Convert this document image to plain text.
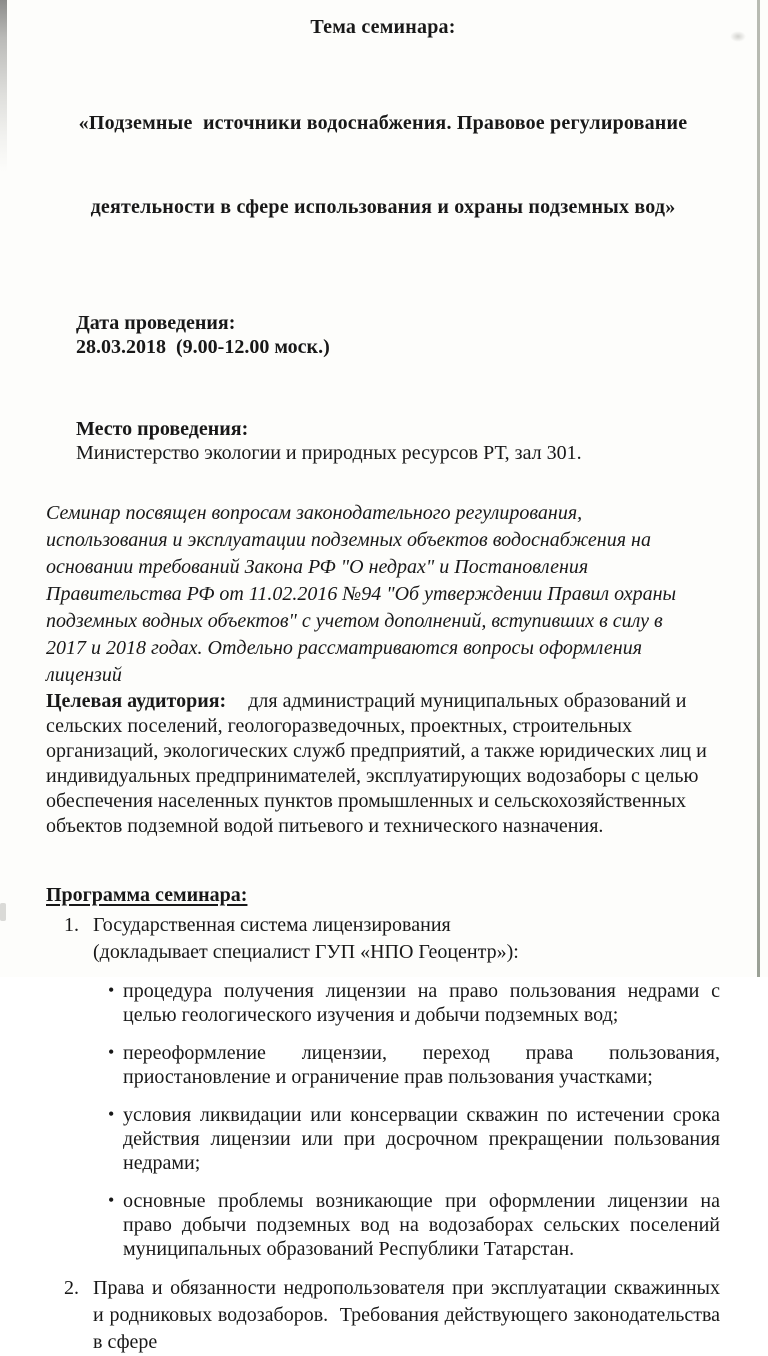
Тема семинара:

«Подземные  источники водоснабжения. Правовое регулирование

деятельности в сфере использования и охраны подземных вод»

Дата проведения:
28.03.2018  (9.00-12.00 моск.)

Место проведения:
Министерство экологии и природных ресурсов РТ, зал 301.

Семинар посвящен вопросам законодательного регулирования, использования и эксплуатации подземных объектов водоснабжения на основании требований Закона РФ "О недрах" и Постановления Правительства РФ от 11.02.2016 №94 "Об утверждении Правил охраны подземных водных объектов" с учетом дополнений, вступивших в силу в 2017 и 2018 годах. Отдельно рассматриваются вопросы оформления лицензий
Целевая аудитория: для администраций муниципальных образований и сельских поселений, геологоразведочных, проектных, строительных организаций, экологических служб предприятий, а также юридических лиц и индивидуальных предпринимателей, эксплуатирующих водозаборы с целью обеспечения населенных пунктов промышленных и сельскохозяйственных объектов подземной водой питьевого и технического назначения.
Программа семинара:
1. Государственная система лицензирования
(докладывает специалист ГУП «НПО Геоцентр»):
• процедура получения лицензии на право пользования недрами с целью геологического изучения и добычи подземных вод;
• переоформление лицензии, переход права пользования, приостановление и ограничение прав пользования участками;
• условия ликвидации или консервации скважин по истечении срока действия лицензии или при досрочном прекращении пользования недрами;
• основные проблемы возникающие при оформлении лицензии на право добычи подземных вод на водозаборах сельских поселений муниципальных образований Республики Татарстан.
2. Права и обязанности недропользователя при эксплуатации скважинных и родниковых водозаборов.  Требования действующего законодательства в сфере
